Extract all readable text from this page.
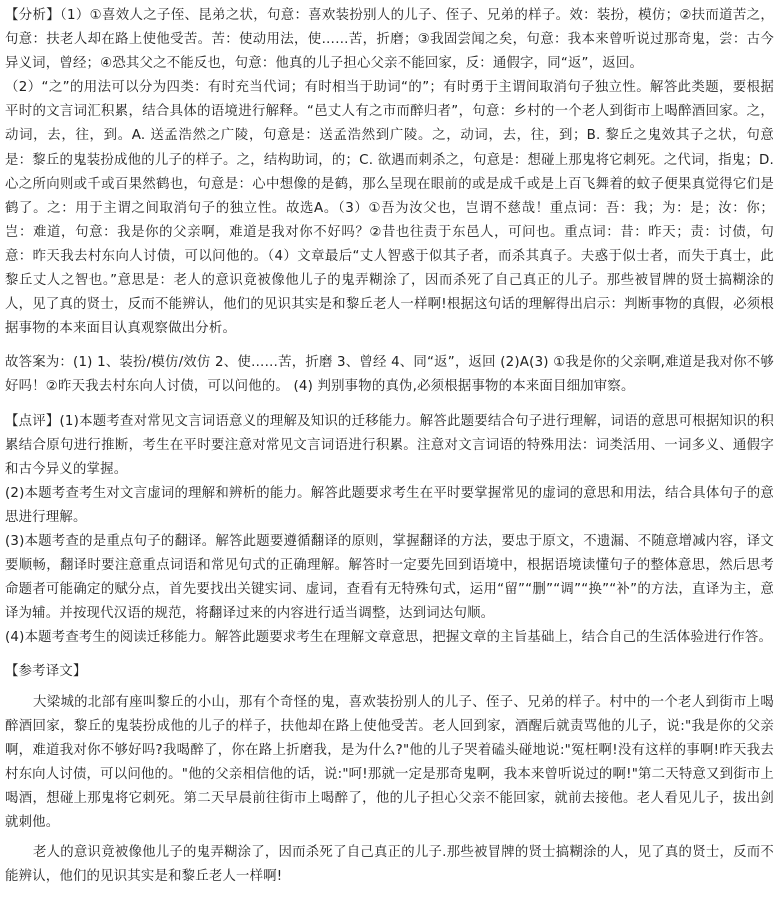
【分析】（1）①喜效人之子侄、昆弟之状，句意：喜欢装扮别人的儿子、侄子、兄弟的样子。效：装扮，模仿；②扶而道苦之，句意：扶老人却在路上使他受苦。苦：使动用法，使……苦，折磨；③我固尝闻之矣，句意：我本来曾听说过那奇鬼，尝：古今异义词，曾经；④恐其父之不能反也，句意：他真的儿子担心父亲不能回家，反：通假字，同“返”，返回。

（2）“之”的用法可以分为四类：有时充当代词；有时相当于助词“的”；有时勇于主谓间取消句子独立性。解答此类题，要根据平时的文言词汇积累，结合具体的语境进行解释。“邑丈人有之市而醉归者”，句意：乡村的一个老人到街市上喝醉酒回家。之，动词，去，往，到。A. 送孟浩然之广陵，句意是：送孟浩然到广陵。之，动词，去，往，到；B. 黎丘之鬼效其子之状，句意是：黎丘的鬼装扮成他的儿子的样子。之，结构助词，的；C. 欲遇而刺杀之，句意是：想碰上那鬼将它刺死。之代词，指鬼；D. 心之所向则或千或百果然鹤也，句意是：心中想像的是鹤，那么呈现在眼前的或是成千或是上百飞舞着的蚊子便果真觉得它们是鹤了。之：用于主谓之间取消句子的独立性。故选A。（3）①吾为汝父也，岂谓不慈哉！重点词：吾：我；为：是；汝：你；岂：难道，句意：我是你的父亲啊，难道是我对你不好吗？②昔也往责于东邑人，可问也。重点词：昔：昨天；责：讨债，句意：昨天我去村东向人讨债，可以问他的。（4）文章最后“丈人智惑于似其子者，而杀其真子。夫惑于似士者，而失于真士，此黎丘丈人之智也。”意思是：老人的意识竟被像他儿子的鬼弄糊涂了，因而杀死了自己真正的儿子。那些被冒牌的贤士搞糊涂的人，见了真的贤士，反而不能辨认，他们的见识其实是和黎丘老人一样啊!根据这句话的理解得出启示：判断事物的真假，必须根据事物的本来面目认真观察做出分析。

故答案为：(1) 1、装扮/模仿/效仿 2、使……苦，折磨 3、曾经 4、同“返”，返回 (2)A(3) ①我是你的父亲啊,难道是我对你不够好吗！②昨天我去村东向人讨债，可以问他的。 (4) 判别事物的真伪,必须根据事物的本来面目细加审察。

【点评】(1)本题考查对常见文言词语意义的理解及知识的迁移能力。解答此题要结合句子进行理解，词语的意思可根据知识的积累结合原句进行推断，考生在平时要注意对常见文言词语进行积累。注意对文言词语的特殊用法：词类活用、一词多义、通假字和古今异义的掌握。

(2)本题考查考生对文言虚词的理解和辨析的能力。解答此题要求考生在平时要掌握常见的虚词的意思和用法，结合具体句子的意思进行理解。

(3)本题考查的是重点句子的翻译。解答此题要遵循翻译的原则，掌握翻译的方法，要忠于原文，不遗漏、不随意增减内容，译文要顺畅，翻译时要注意重点词语和常见句式的正确理解。解答时一定要先回到语境中，根据语境读懂句子的整体意思，然后思考命题者可能确定的赋分点，首先要找出关键实词、虚词，查看有无特殊句式，运用“留”“删”“调”“换”“补”的方法，直译为主，意译为辅。并按现代汉语的规范，将翻译过来的内容进行适当调整，达到词达句顺。

(4)本题考查考生的阅读迁移能力。解答此题要求考生在理解文章意思，把握文章的主旨基础上，结合自己的生活体验进行作答。

【参考译文】

大梁城的北部有座叫黎丘的小山，那有个奇怪的鬼，喜欢装扮别人的儿子、侄子、兄弟的样子。村中的一个老人到街市上喝醉酒回家，黎丘的鬼装扮成他的儿子的样子，扶他却在路上使他受苦。老人回到家，酒醒后就责骂他的儿子，说:"我是你的父亲啊，难道我对你不够好吗?我喝醉了，你在路上折磨我，是为什么?"他的儿子哭着磕头碰地说:"冤枉啊!没有这样的事啊!昨天我去村东向人讨债，可以问他的。"他的父亲相信他的话，说:"呵!那就一定是那奇鬼啊，我本来曾听说过的啊!"第二天特意又到街市上喝酒，想碰上那鬼将它刺死。第二天早晨前往街市上喝醉了，他的儿子担心父亲不能回家，就前去接他。老人看见儿子，拔出剑就刺他。

老人的意识竟被像他儿子的鬼弄糊涂了，因而杀死了自己真正的儿子.那些被冒牌的贤士搞糊涂的人，见了真的贤士，反而不能辨认，他们的见识其实是和黎丘老人一样啊!
